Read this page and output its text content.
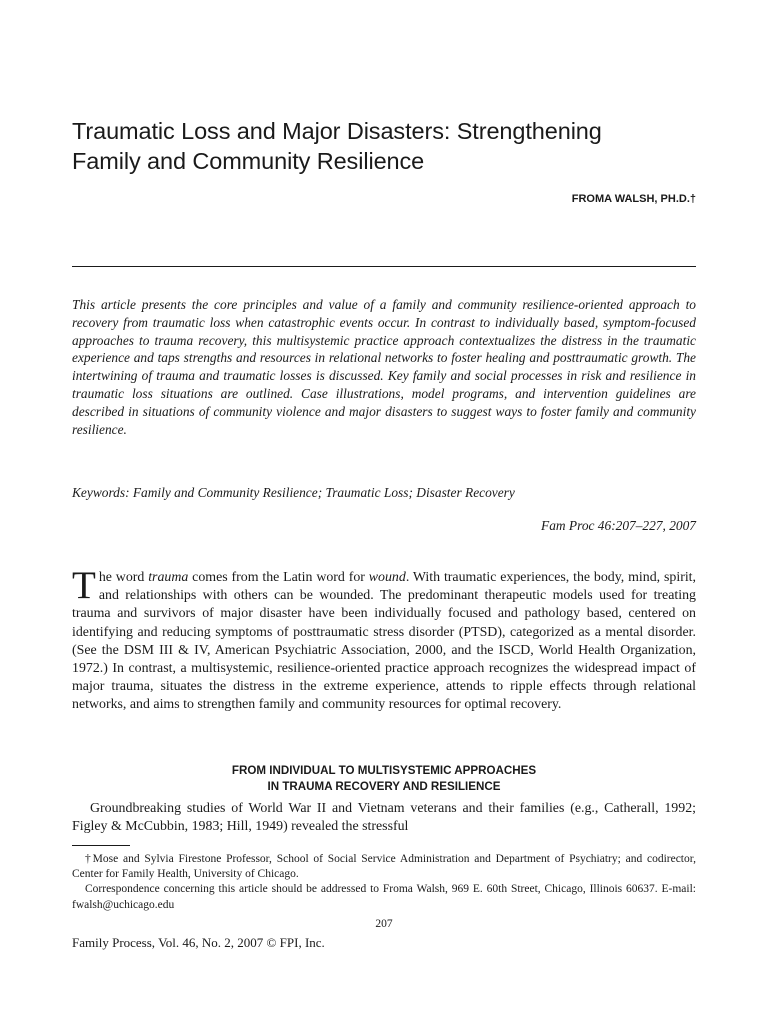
Traumatic Loss and Major Disasters: Strengthening
Family and Community Resilience
FROMA WALSH, PH.D.†

This article presents the core principles and value of a family and community resilience-oriented approach to recovery from traumatic loss when catastrophic events occur. In contrast to individually based, symptom-focused approaches to trauma recovery, this multisystemic practice approach contextualizes the distress in the traumatic experience and taps strengths and resources in relational networks to foster healing and posttraumatic growth. The intertwining of trauma and traumatic losses is discussed. Key family and social processes in risk and resilience in traumatic loss situations are outlined. Case illustrations, model programs, and intervention guidelines are described in situations of community violence and major disasters to suggest ways to foster family and community resilience.

Keywords: Family and Community Resilience; Traumatic Loss; Disaster Recovery

Fam Proc 46:207–227, 2007

The word trauma comes from the Latin word for wound. With traumatic experiences, the body, mind, spirit, and relationships with others can be wounded. The predominant therapeutic models used for treating trauma and survivors of major disaster have been individually focused and pathology based, centered on identifying and reducing symptoms of posttraumatic stress disorder (PTSD), categorized as a mental disorder. (See the DSM III & IV, American Psychiatric Association, 2000, and the ISCD, World Health Organization, 1972.) In contrast, a multisystemic, resilience-oriented practice approach recognizes the widespread impact of major trauma, situates the distress in the extreme experience, attends to ripple effects through relational networks, and aims to strengthen family and community resources for optimal recovery.

FROM INDIVIDUAL TO MULTISYSTEMIC APPROACHES
IN TRAUMA RECOVERY AND RESILIENCE

Groundbreaking studies of World War II and Vietnam veterans and their families (e.g., Catherall, 1992; Figley & McCubbin, 1983; Hill, 1949) revealed the stressful

†Mose and Sylvia Firestone Professor, School of Social Service Administration and Department of Psychiatry; and codirector, Center for Family Health, University of Chicago.

Correspondence concerning this article should be addressed to Froma Walsh, 969 E. 60th Street, Chicago, Illinois 60637. E-mail: fwalsh@uchicago.edu

207
Family Process, Vol. 46, No. 2, 2007 © FPI, Inc.
